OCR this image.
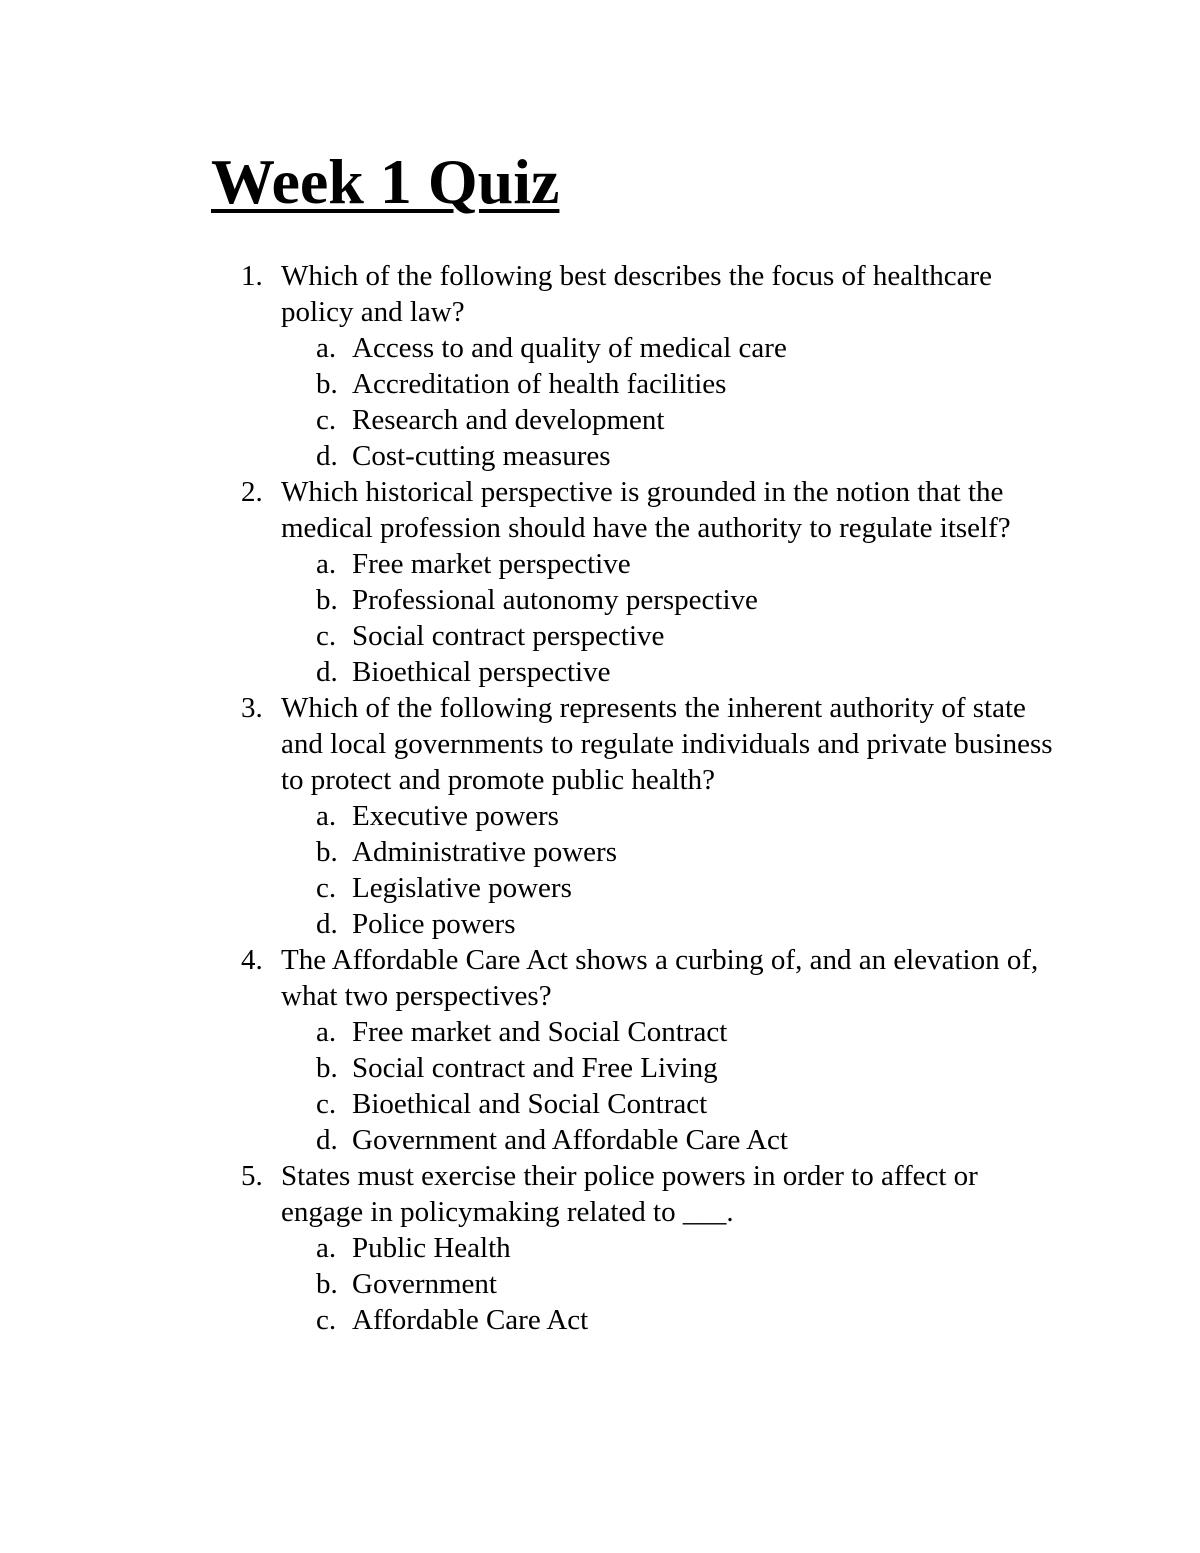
Week 1 Quiz
1. Which of the following best describes the focus of healthcare policy and law?
a. Access to and quality of medical care
b. Accreditation of health facilities
c. Research and development
d. Cost-cutting measures
2. Which historical perspective is grounded in the notion that the medical profession should have the authority to regulate itself?
a. Free market perspective
b. Professional autonomy perspective
c. Social contract perspective
d. Bioethical perspective
3. Which of the following represents the inherent authority of state and local governments to regulate individuals and private business to protect and promote public health?
a. Executive powers
b. Administrative powers
c. Legislative powers
d. Police powers
4. The Affordable Care Act shows a curbing of, and an elevation of, what two perspectives?
a. Free market and Social Contract
b. Social contract and Free Living
c. Bioethical and Social Contract
d. Government and Affordable Care Act
5. States must exercise their police powers in order to affect or engage in policymaking related to ___.
a. Public Health
b. Government
c. Affordable Care Act
